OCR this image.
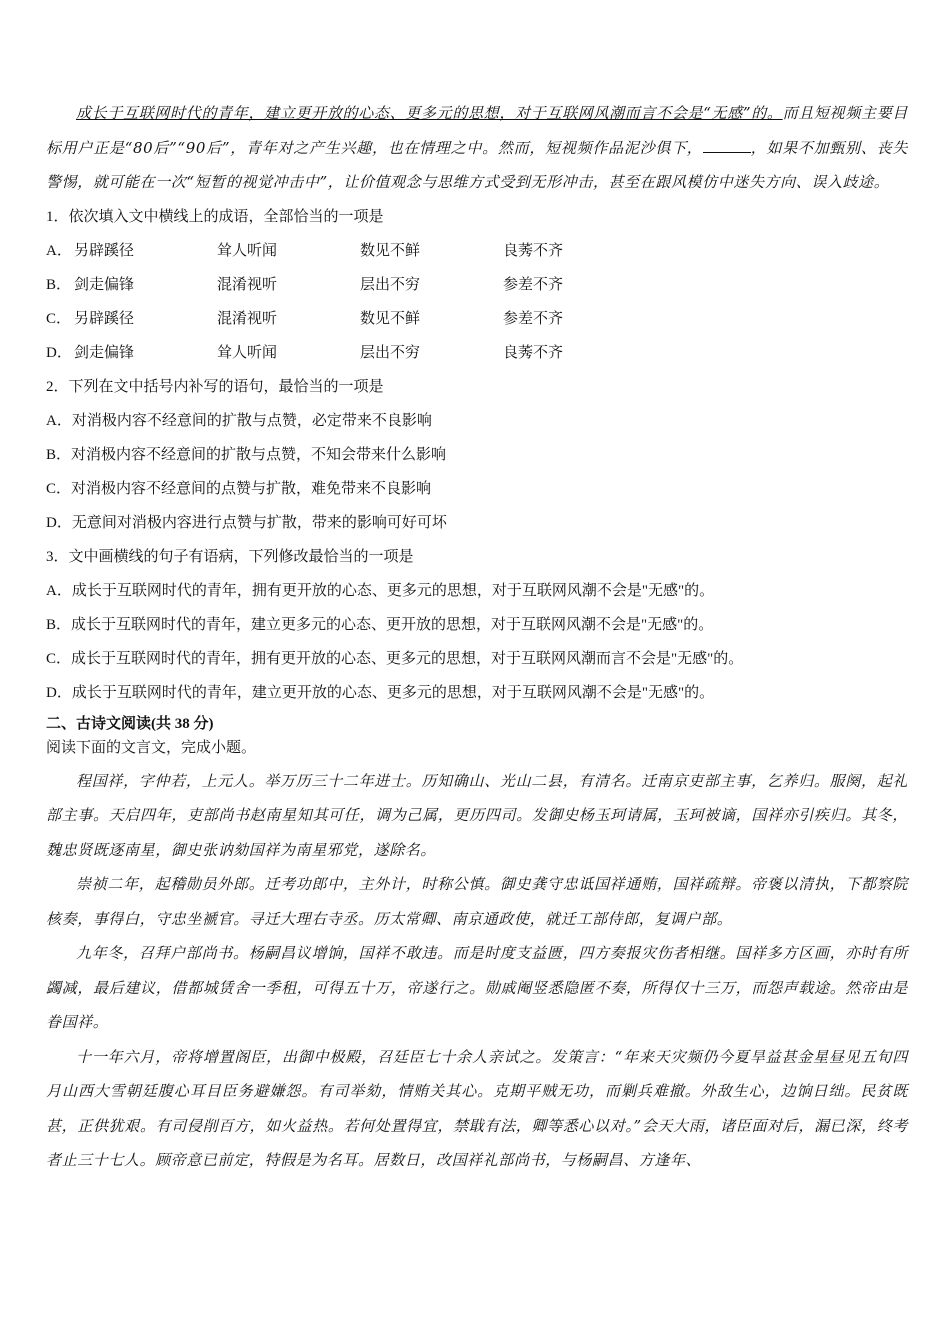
成长于互联网时代的青年，建立更开放的心态、更多元的思想，对于互联网风潮而言不会是“无感”的。而且短视频主要目标用户正是“80后”“90后”，青年对之产生兴趣，也在情理之中。然而，短视频作品泥沙俱下，	，如果不加甄别、丧失警惕，就可能在一次“短暂的视觉冲击中”，让价值观念与思维方式受到无形冲击，甚至在跟风模仿中迷失方向、误入歧途。

1．依次填入文中横线上的成语，全部恰当的一项是

A． 另辟蹊径	耸人听闻	数见不鲜	良莠不齐
B． 剑走偏锋	混淆视听	层出不穷	参差不齐
C． 另辟蹊径	混淆视听	数见不鲜	参差不齐
D． 剑走偏锋	耸人听闻	层出不穷	良莠不齐

2．下列在文中括号内补写的语句，最恰当的一项是

A．对消极内容不经意间的扩散与点赞，必定带来不良影响

B．对消极内容不经意间的扩散与点赞，不知会带来什么影响

C．对消极内容不经意间的点赞与扩散，难免带来不良影响

D．无意间对消极内容进行点赞与扩散，带来的影响可好可坏

3．文中画横线的句子有语病，下列修改最恰当的一项是

A．成长于互联网时代的青年，拥有更开放的心态、更多元的思想，对于互联网风潮不会是"无感"的。

B．成长于互联网时代的青年，建立更多元的心态、更开放的思想，对于互联网风潮不会是"无感"的。

C．成长于互联网时代的青年，拥有更开放的心态、更多元的思想，对于互联网风潮而言不会是"无感"的。

D．成长于互联网时代的青年，建立更开放的心态、更多元的思想，对于互联网风潮不会是"无感"的。

二、古诗文阅读(共 38 分)
阅读下面的文言文，完成小题。

程国祥，字仲若，上元人。举万历三十二年进士。历知确山、光山二县，有清名。迁南京吏部主事，乞养归。服阕，起礼部主事。天启四年，吏部尚书赵南星知其可任，调为己属，更历四司。发御史杨玉珂请属，玉珂被谪，国祥亦引疾归。其冬，魏忠贤既逐南星，御史张讷劾国祥为南星邪党，遂除名。

崇祯二年，起稽勋员外郎。迁考功郎中，主外计，时称公慎。御史龚守忠诋国祥通贿，国祥疏辩。帝褒以清执，下都察院核奏，事得白，守忠坐褫官。寻迁大理右寺丞。历太常卿、南京通政使，就迁工部侍郎，复调户部。

九年冬，召拜户部尚书。杨嗣昌议增饷，国祥不敢违。而是时度支益匮，四方奏报灾伤者相继。国祥多方区画，亦时有所蠲减，最后建议，借都城赁舍一季租，可得五十万，帝遂行之。勋戚阉竖悉隐匿不奏，所得仅十三万，而怨声载途。然帝由是眷国祥。

十一年六月，帝将增置阁臣，出御中极殿，召廷臣七十余人亲试之。发策言：“年来天灾频仍今夏旱益甚金星昼见五旬四月山西大雪朝廷腹心耳目臣务避嫌怨。有司举劾，情贿关其心。克期平贼无功，而剿兵难撤。外敌生心，边饷日绌。民贫既甚，正供犹艰。有司侵削百方，如火益热。若何处置得宜，禁戢有法，卿等悉心以对。”会天大雨，诸臣面对后，漏已深，终考者止三十七人。顾帝意已前定，特假是为名耳。居数日，改国祥礼部尚书，与杨嗣昌、方逢年、
